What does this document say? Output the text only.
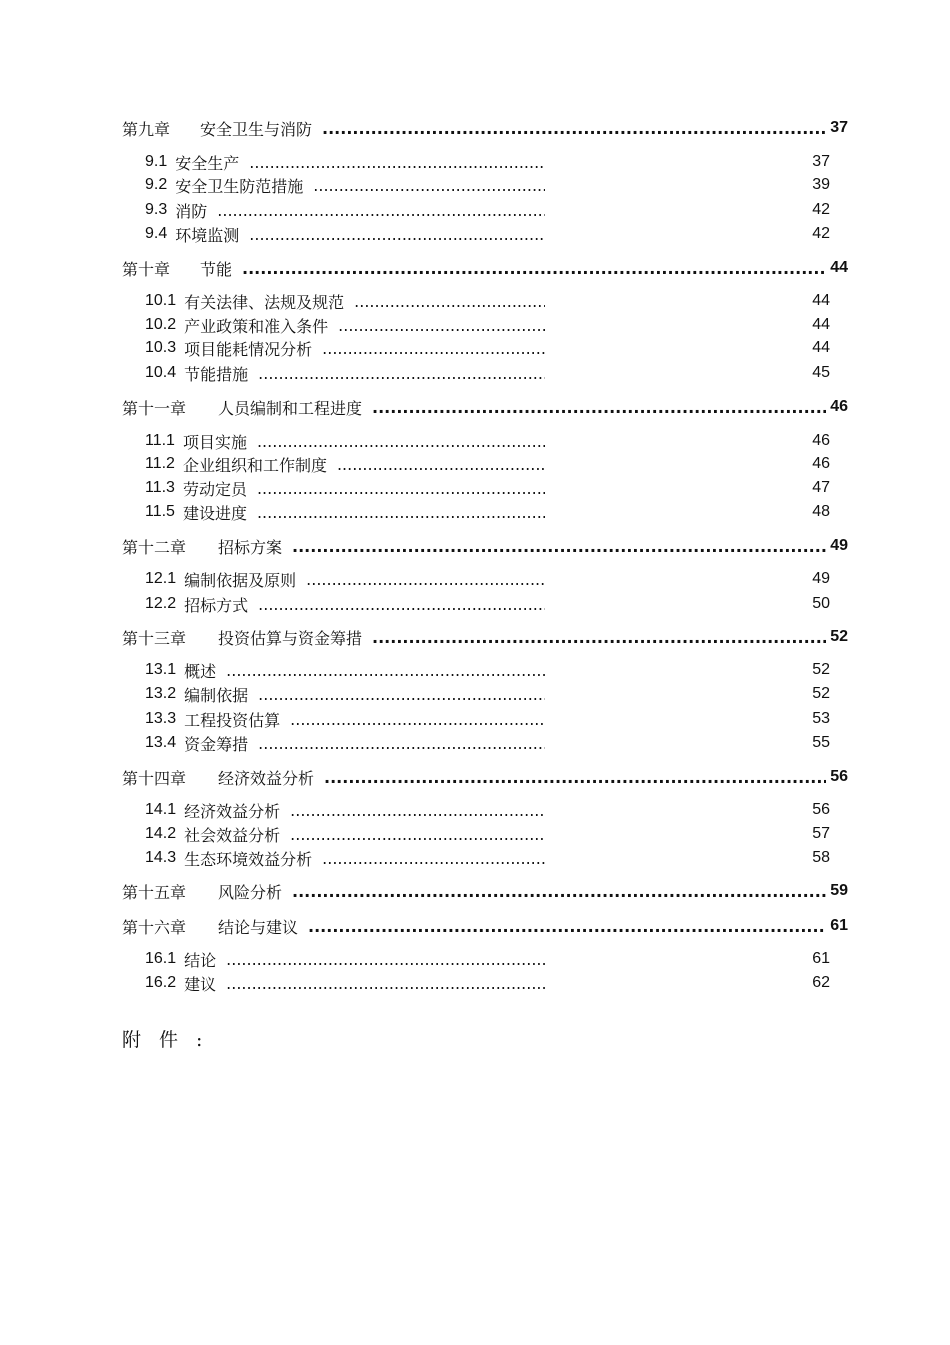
第九章	安全卫生与消防 .....	37
9.1 安全生产 .....	37
9.2 安全卫生防范措施 .....	39
9.3 消防 .....	42
9.4 环境监测 .....	42
第十章	节能 .....	44
10.1 有关法律、法规及规范 .....	44
10.2 产业政策和准入条件 .....	44
10.3 项目能耗情况分析 .....	44
10.4 节能措施 .....	45
第十一章	人员编制和工程进度 .....	46
11.1 项目实施 .....	46
11.2 企业组织和工作制度 .....	46
11.3 劳动定员 .....	47
11.5 建设进度 .....	48
第十二章	招标方案 .....	49
12.1 编制依据及原则 .....	49
12.2 招标方式 .....	50
第十三章	投资估算与资金筹措 .....	52
13.1 概述 .....	52
13.2 编制依据 .....	52
13.3 工程投资估算 .....	53
13.4 资金筹措 .....	55
第十四章	经济效益分析 .....	56
14.1 经济效益分析 .....	56
14.2 社会效益分析 .....	57
14.3 生态环境效益分析 .....	58
第十五章	风险分析 .....	59
第十六章	结论与建议 .....	61
16.1 结论 .....	61
16.2 建议 .....	62
附件:
